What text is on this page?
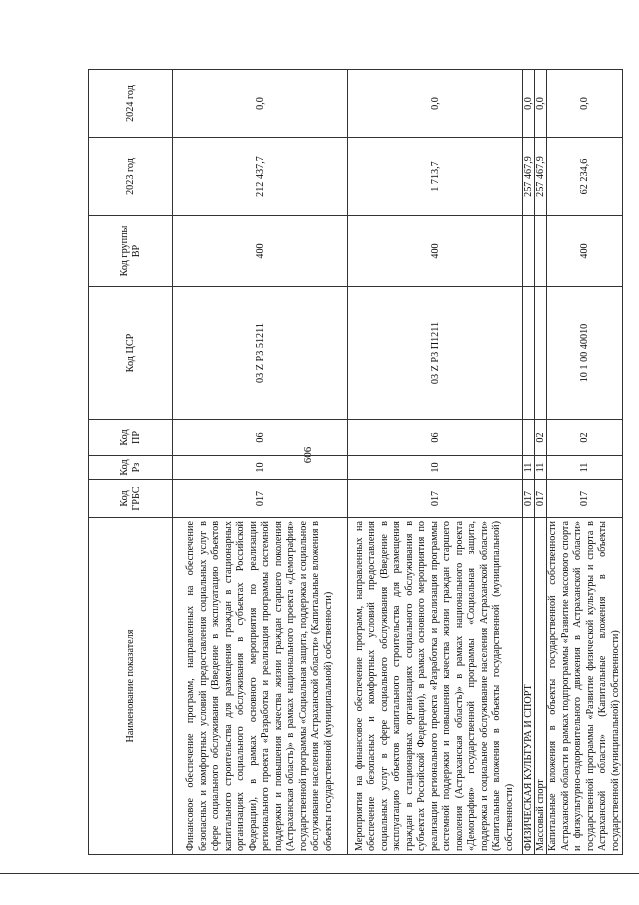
606
Наименование показателя	Код ГРБС	Код Рз	Код ПР	Код ЦСР	Код группы ВР	2023 год	2024 год
Финансовое обеспечение программ, направленных на обеспечение безопасных и комфортных условий предоставления социальных услуг в сфере социального обслуживания (Введение в эксплуатацию объектов капитального строительства для размещения граждан в стационарных организациях социального обслуживания в субъектах Российской Федерации), в рамках основного мероприятия по реализации регионального проекта «Разработка и реализация программы системной поддержки и повышения качества жизни граждан старшего поколения (Астраханская область)» в рамках национального проекта «Демография» государственной программы «Социальная защита, поддержка и социальное обслуживание населения Астраханской области» (Капитальные вложения в объекты государственной (муниципальной) собственности)	017	10	06	03 Z P3 51211	400	212 437,7	0,0
Мероприятия на финансовое обеспечение программ, направленных на обеспечение безопасных и комфортных условий предоставления социальных услуг в сфере социального обслуживания (Введение в эксплуатацию объектов капитального строительства для размещения граждан в стационарных организациях социального обслуживания в субъектах Российской Федерации), в рамках основного мероприятия по реализации регионального проекта «Разработка и реализация программы системной поддержки и повышения качества жизни граждан старшего поколения (Астраханская область)» в рамках национального проекта «Демография» государственной программы «Социальная защита, поддержка и социальное обслуживание населения Астраханской области» (Капитальные вложения в объекты государственной (муниципальной) собственности)	017	10	06	03 Z P3 П1211	400	1 713,7	0,0
ФИЗИЧЕСКАЯ КУЛЬТУРА И СПОРТ	017	11				257 467,9	0,0
Массовый спорт	017	11	02			257 467,9	0,0
Капитальные вложения в объекты государственной собственности Астраханской области в рамках подпрограммы «Развитие массового спорта и физкультурно-оздоровительного движения в Астраханской области» государственной программы «Развитие физической культуры и спорта в Астраханской области» (Капитальные вложения в объекты государственной (муниципальной) собственности)	017	11	02	10 1 00 40010	400	62 234,6	0,0
